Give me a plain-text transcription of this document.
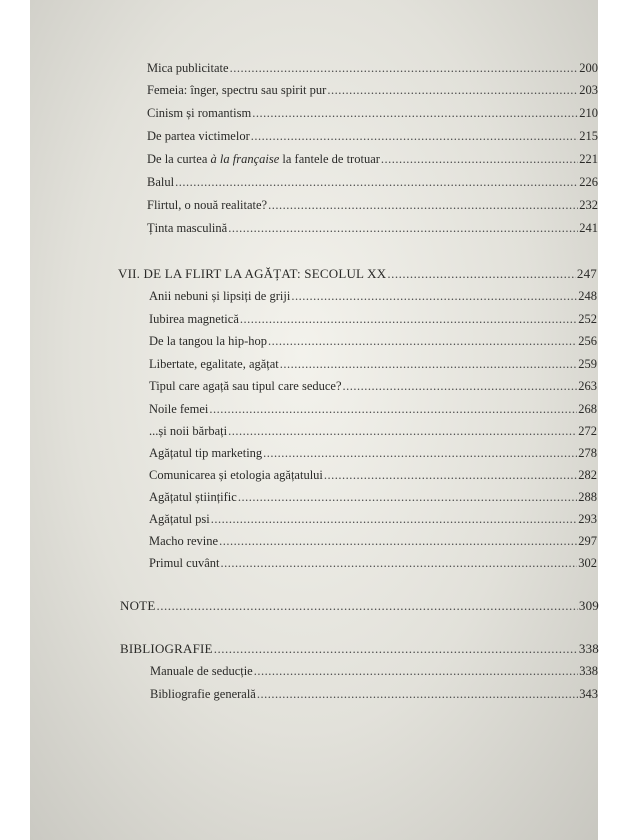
Mica publicitate .....	200
Femeia: înger, spectru sau spirit pur .....	203
Cinism și romantism .....	210
De partea victimelor .....	215
De la curtea à la française la fantele de trotuar .....	221
Balul .....	226
Flirtul, o nouă realitate? .....	232
Ținta masculină .....	241
VII. DE LA FLIRT LA AGĂȚAT: SECOLUL XX .....	247
Anii nebuni și lipsiți de griji .....	248
Iubirea magnetică .....	252
De la tangou la hip-hop .....	256
Libertate, egalitate, agățat .....	259
Tipul care agață sau tipul care seduce? .....	263
Noile femei .....	268
...și noii bărbați .....	272
Agățatul tip marketing .....	278
Comunicarea și etologia agățatului .....	282
Agățatul științific .....	288
Agățatul psi .....	293
Macho revine .....	297
Primul cuvânt .....	302
NOTE .....	309
BIBLIOGRAFIE .....	338
Manuale de seducție .....	338
Bibliografie generală .....	343
